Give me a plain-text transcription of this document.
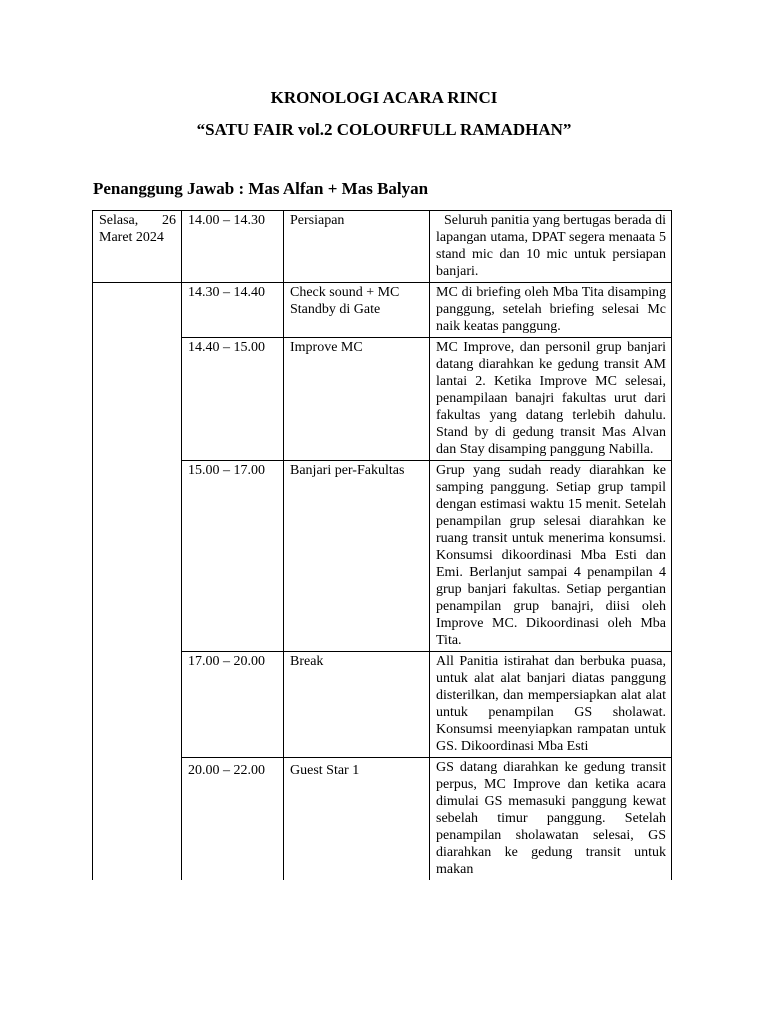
KRONOLOGI ACARA RINCI
“SATU FAIR vol.2 COLOURFULL RAMADHAN”
Penanggung Jawab : Mas Alfan + Mas Balyan
Selasa, 26 Maret 2024	14.00 – 14.30	Persiapan	Seluruh panitia yang bertugas berada di lapangan utama, DPAT segera menaata 5 stand mic dan 10 mic untuk persiapan banjari.
	14.30 – 14.40	Check sound + MC Standby di Gate	MC di briefing oleh Mba Tita disamping panggung, setelah briefing selesai Mc naik keatas panggung.
	14.40 – 15.00	Improve MC	MC Improve, dan personil grup banjari datang diarahkan ke gedung transit AM lantai 2. Ketika Improve MC selesai, penampilaan banajri fakultas urut dari fakultas yang datang terlebih dahulu. Stand by di gedung transit Mas Alvan dan Stay disamping panggung Nabilla.
	15.00 – 17.00	Banjari per-Fakultas	Grup yang sudah ready diarahkan ke samping panggung. Setiap grup tampil dengan estimasi waktu 15 menit. Setelah penampilan grup selesai diarahkan ke ruang transit untuk menerima konsumsi. Konsumsi dikoordinasi Mba Esti dan Emi. Berlanjut sampai 4 penampilan 4 grup banjari fakultas. Setiap pergantian penampilan grup banajri, diisi oleh Improve MC. Dikoordinasi oleh Mba Tita.
	17.00 – 20.00	Break	All Panitia istirahat dan berbuka puasa, untuk alat alat banjari diatas panggung disterilkan, dan mempersiapkan alat alat untuk penampilan GS sholawat. Konsumsi meenyiapkan rampatan untuk GS. Dikoordinasi Mba Esti
	20.00 – 22.00	Guest Star 1	GS datang diarahkan ke gedung transit perpus, MC Improve dan ketika acara dimulai GS memasuki panggung kewat sebelah timur panggung. Setelah penampilan sholawatan selesai, GS diarahkan ke gedung transit untuk makan
